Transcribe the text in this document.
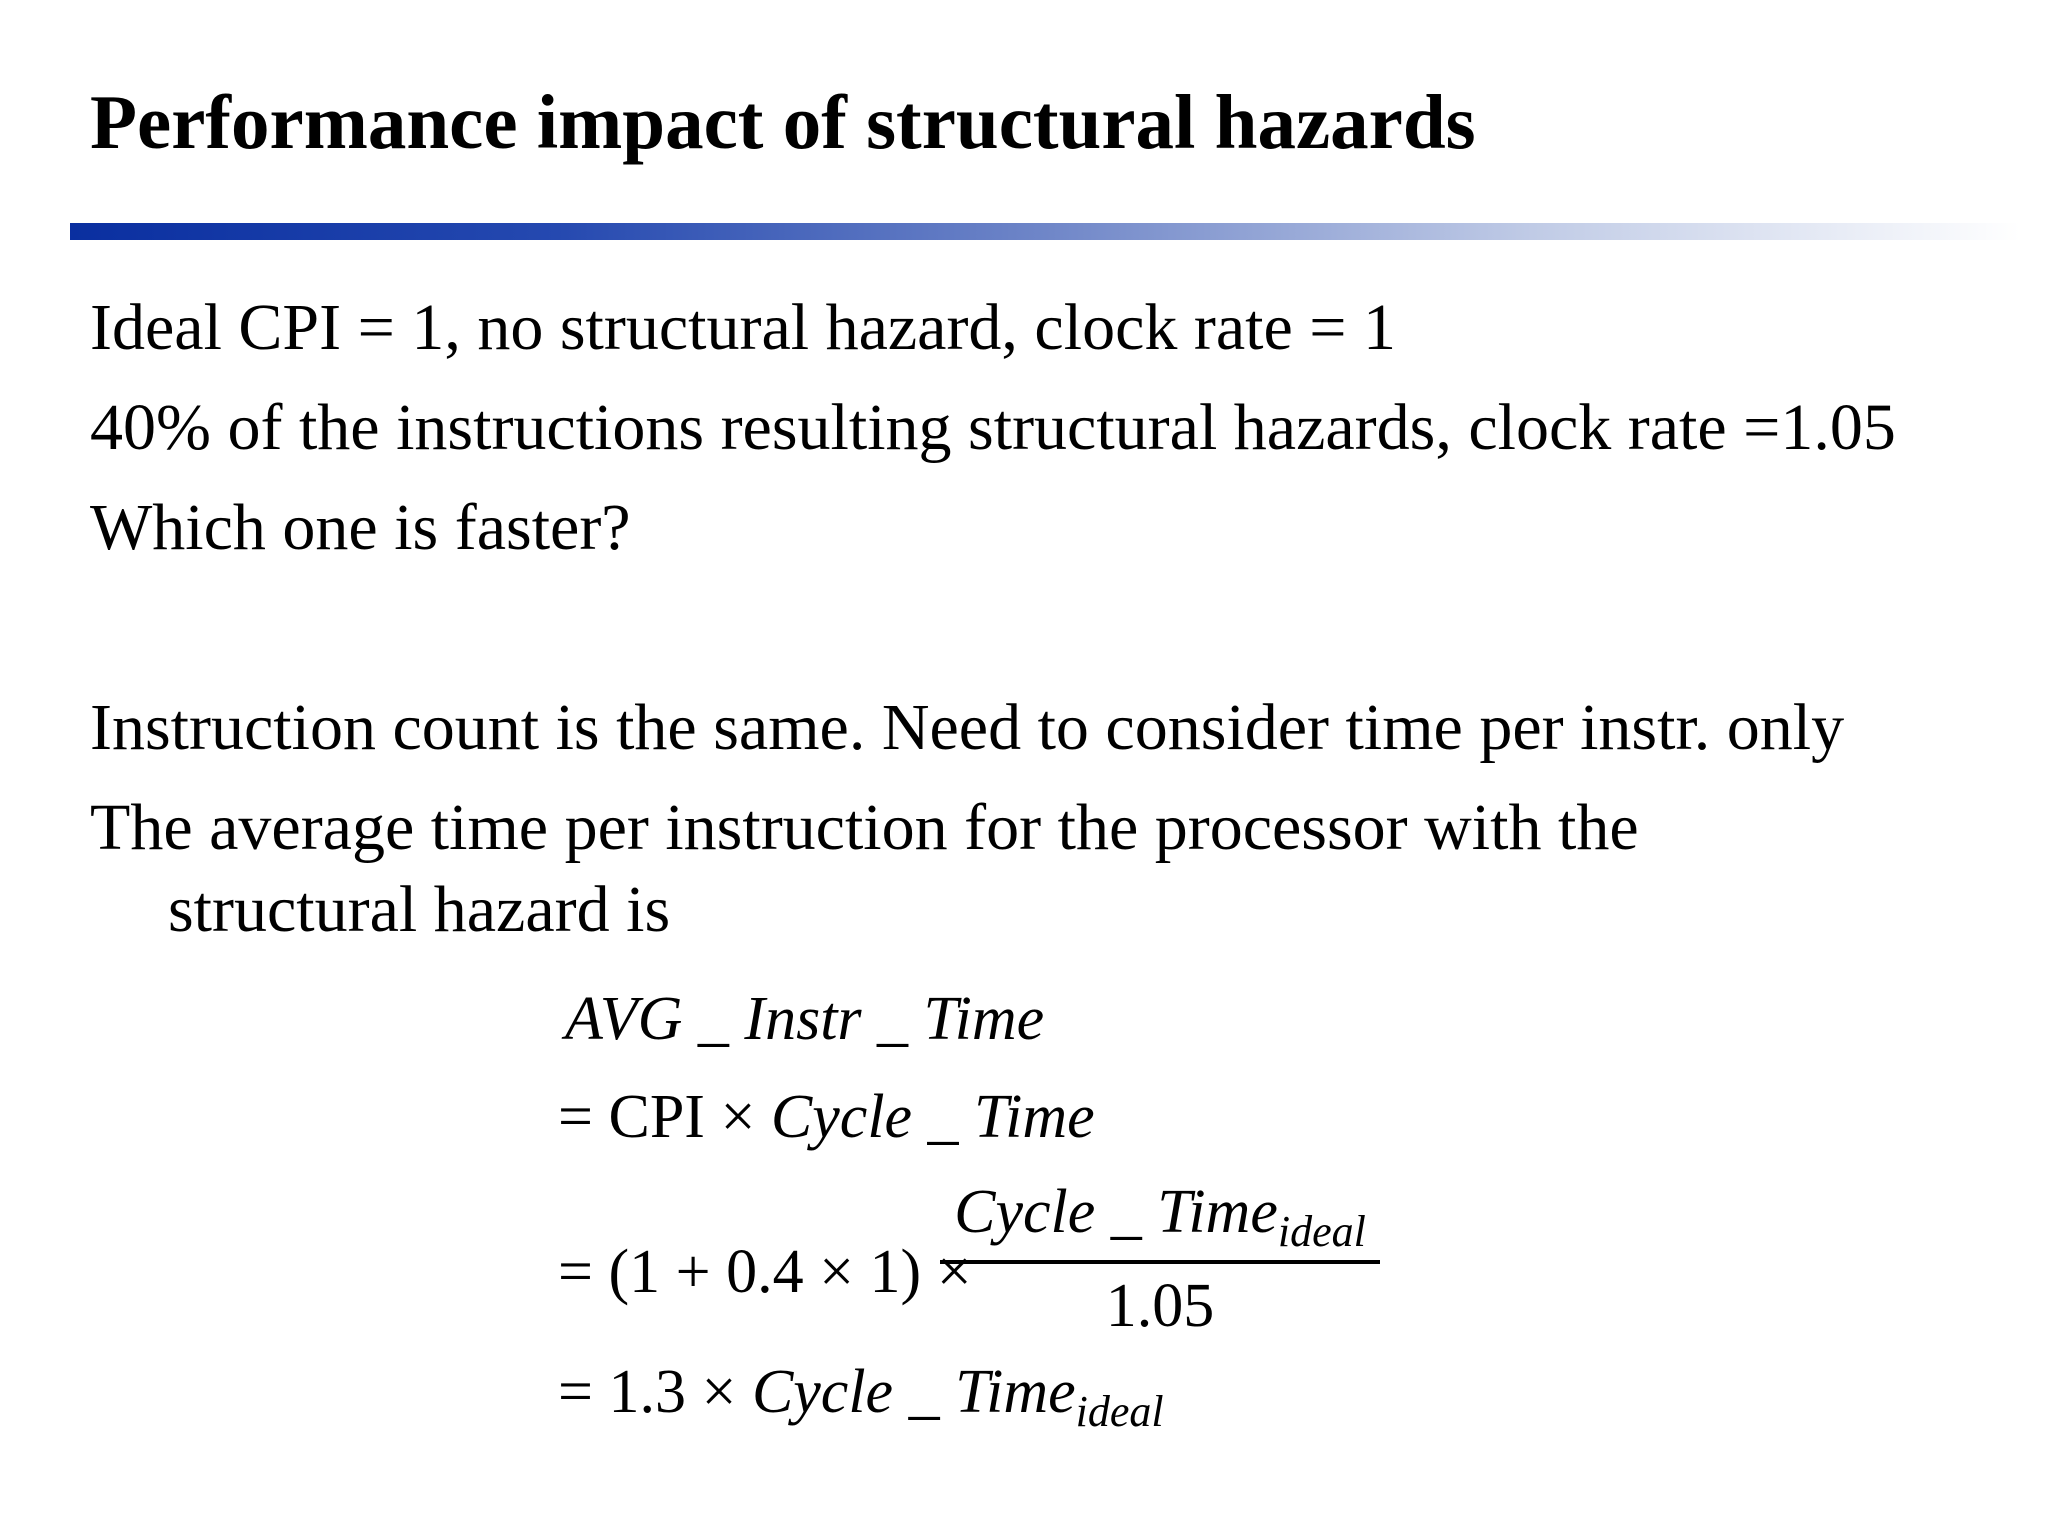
Performance impact of structural hazards
Ideal CPI = 1, no structural hazard, clock rate = 1
40% of the instructions resulting structural hazards, clock rate =1.05
Which one is faster?
Instruction count is the same. Need to consider time per instr. only
The average time per instruction for the processor with the
structural hazard is
AVG _ Instr _ Time
= CPI × Cycle _ Time
= (1 + 0.4 × 1) ×
Cycle _ Time$_{ideal}$
1.05
= 1.3 × Cycle _ Time$_{ideal}$
